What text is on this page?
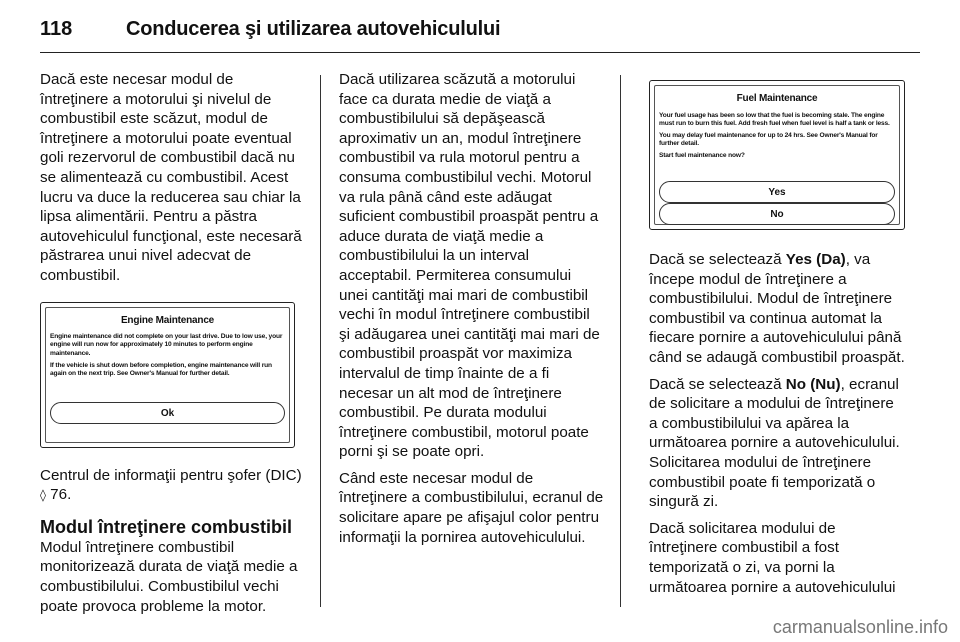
118	Conducerea şi utilizarea autovehiculului

Dacă este necesar modul de întreţinere a motorului şi nivelul de combustibil este scăzut, modul de întreţinere a motorului poate eventual goli rezervorul de combustibil dacă nu se alimentează cu combustibil. Acest lucru va duce la reducerea sau chiar la lipsa alimentării. Pentru a păstra autovehiculul funcţional, este necesară păstrarea unui nivel adecvat de combustibil.

Engine Maintenance
Engine maintenance did not complete on your last drive. Due to low use, your engine will run now for approximately 10 minutes to perform engine maintenance.
If the vehicle is shut down before completion, engine maintenance will run again on the next trip. See Owner's Manual for further detail.
Ok

Centrul de informaţii pentru şofer (DIC) ◊ 76.

Modul întreţinere combustibil

Modul întreţinere combustibil monitorizează durata de viaţă medie a combustibilului. Combustibilul vechi poate provoca probleme la motor.

Dacă utilizarea scăzută a motorului face ca durata medie de viaţă a combustibilului să depăşească aproximativ un an, modul întreţinere combustibil va rula motorul pentru a consuma combustibilul vechi. Motorul va rula până când este adăugat suficient combustibil proaspăt pentru a aduce durata de viaţă medie a combustibilului la un interval acceptabil. Permiterea consumului unei cantităţi mai mari de combustibil vechi în modul întreţinere combustibil şi adăugarea unei cantităţi mai mari de combustibil proaspăt vor maximiza intervalul de timp înainte de a fi necesar un alt mod de întreţinere combustibil. Pe durata modului întreţinere combustibil, motorul poate porni şi se poate opri.

Când este necesar modul de întreţinere a combustibilului, ecranul de solicitare apare pe afişajul color pentru informaţii la pornirea autovehiculului.

Fuel Maintenance
Your fuel usage has been so low that the fuel is becoming stale. The engine must run to burn this fuel. Add fresh fuel when fuel level is half a tank or less.
You may delay fuel maintenance for up to 24 hrs. See Owner's Manual for further detail.
Start fuel maintenance now?
Yes
No

Dacă se selectează Yes (Da), va începe modul de întreţinere a combustibilului. Modul de întreţinere combustibil va continua automat la fiecare pornire a autovehiculului până când se adaugă combustibil proaspăt.

Dacă se selectează No (Nu), ecranul de solicitare a modului de întreţinere a combustibilului va apărea la următoarea pornire a autovehiculului. Solicitarea modului de întreţinere combustibil poate fi temporizată o singură zi.

Dacă solicitarea modului de întreţinere combustibil a fost temporizată o zi, va porni la următoarea pornire a autovehiculului

carmanualsonline.info
